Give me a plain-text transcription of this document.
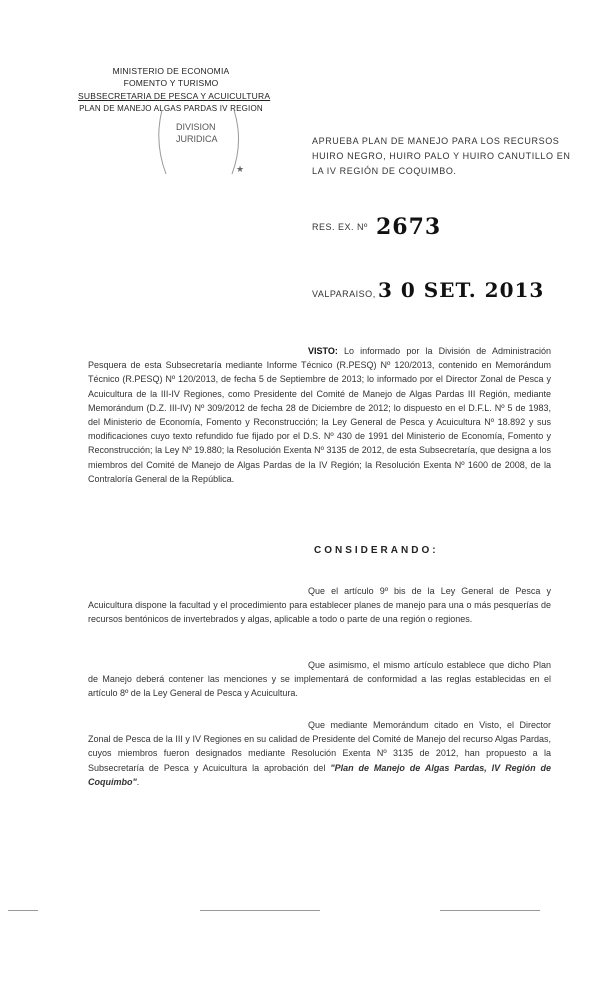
MINISTERIO DE ECONOMIA
FOMENTO Y TURISMO
SUBSECRETARIA DE PESCA Y ACUICULTURA
PLAN DE MANEJO ALGAS PARDAS IV REGION
★
DIVISION
JURIDICA	APRUEBA PLAN DE MANEJO PARA LOS RECURSOS HUIRO NEGRO, HUIRO PALO Y HUIRO CANUTILLO EN LA IV REGIÓN DE COQUIMBO.
RES. EX. Nº 2673
VALPARAISO, 3 0 SET. 2013
VISTO: Lo informado por la División de Administración Pesquera de esta Subsecretaría mediante Informe Técnico (R.PESQ) Nº 120/2013, contenido en Memorándum Técnico (R.PESQ) Nº 120/2013, de fecha 5 de Septiembre de 2013; lo informado por el Director Zonal de Pesca y Acuicultura de la III-IV Regiones, como Presidente del Comité de Manejo de Algas Pardas III Región, mediante Memorándum (D.Z. III-IV) Nº 309/2012 de fecha 28 de Diciembre de 2012; lo dispuesto en el D.F.L. Nº 5 de 1983, del Ministerio de Economía, Fomento y Reconstrucción; la Ley General de Pesca y Acuicultura Nº 18.892 y sus modificaciones cuyo texto refundido fue fijado por el D.S. Nº 430 de 1991 del Ministerio de Economía, Fomento y Reconstrucción; la Ley Nº 19.880; la Resolución Exenta Nº 3135 de 2012, de esta Subsecretaría, que designa a los miembros del Comité de Manejo de Algas Pardas de la IV Región; la Resolución Exenta Nº 1600 de 2008, de la Contraloría General de la República.
CONSIDERANDO:
Que el artículo 9º bis de la Ley General de Pesca y Acuicultura dispone la facultad y el procedimiento para establecer planes de manejo para una o más pesquerías de recursos bentónicos de invertebrados y algas, aplicable a todo o parte de una región o regiones.
Que asimismo, el mismo artículo establece que dicho Plan de Manejo deberá contener las menciones y se implementará de conformidad a las reglas establecidas en el artículo 8º de la Ley General de Pesca y Acuicultura.
Que mediante Memorándum citado en Visto, el Director Zonal de Pesca de la III y IV Regiones en su calidad de Presidente del Comité de Manejo del recurso Algas Pardas, cuyos miembros fueron designados mediante Resolución Exenta Nº 3135 de 2012, han propuesto a la Subsecretaría de Pesca y Acuicultura la aprobación del "Plan de Manejo de Algas Pardas, IV Región de Coquimbo".
